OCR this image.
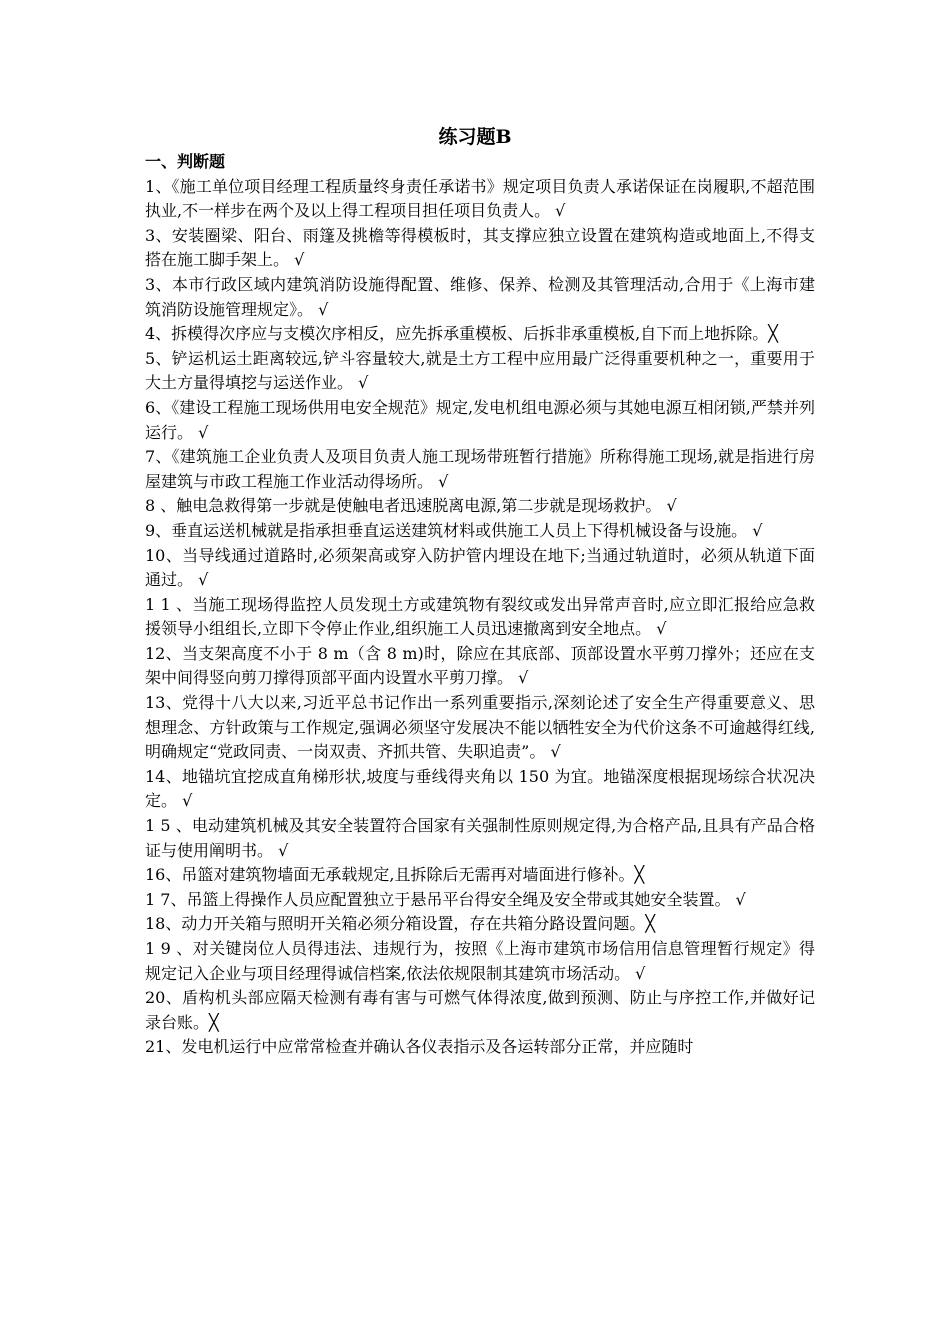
练习题B

一、判断题

1、《施工单位项目经理工程质量终身责任承诺书》规定项目负责人承诺保证在岗履职,不超范围执业,不一样步在两个及以上得工程项目担任项目负责人。 √

3、安装圈梁、阳台、雨篷及挑檐等得模板时，其支撑应独立设置在建筑构造或地面上,不得支搭在施工脚手架上。 √

3、本市行政区域内建筑消防设施得配置、维修、保养、检测及其管理活动,合用于《上海市建筑消防设施管理规定》。 √

4、拆模得次序应与支模次序相反，应先拆承重模板、后拆非承重模板,自下而上地拆除。╳

5、铲运机运土距离较远,铲斗容量较大,就是土方工程中应用最广泛得重要机种之一，重要用于大土方量得填挖与运送作业。 √

6、《建设工程施工现场供用电安全规范》规定,发电机组电源必须与其她电源互相闭锁,严禁并列运行。 √

7、《建筑施工企业负责人及项目负责人施工现场带班暂行措施》所称得施工现场,就是指进行房屋建筑与市政工程施工作业活动得场所。 √

8 、触电急救得第一步就是使触电者迅速脱离电源,第二步就是现场救护。 √

9、垂直运送机械就是指承担垂直运送建筑材料或供施工人员上下得机械设备与设施。 √

10、当导线通过道路时,必须架高或穿入防护管内埋设在地下;当通过轨道时，必须从轨道下面通过。 √

1 1 、当施工现场得监控人员发现土方或建筑物有裂纹或发出异常声音时,应立即汇报给应急救援领导小组组长,立即下令停止作业,组织施工人员迅速撤离到安全地点。 √

12、当支架高度不小于 8 m（含 8 m)时，除应在其底部、顶部设置水平剪刀撑外；还应在支架中间得竖向剪刀撑得顶部平面内设置水平剪刀撑。 √

13、党得十八大以来,习近平总书记作出一系列重要指示,深刻论述了安全生产得重要意义、思想理念、方针政策与工作规定,强调必须坚守发展决不能以牺牲安全为代价这条不可逾越得红线,明确规定“党政同责、一岗双责、齐抓共管、失职追责”。 √

14、地锚坑宜挖成直角梯形状,坡度与垂线得夹角以 150 为宜。地锚深度根据现场综合状况决定。 √

1 5 、电动建筑机械及其安全装置符合国家有关强制性原则规定得,为合格产品,且具有产品合格证与使用阐明书。 √

16、吊篮对建筑物墙面无承载规定,且拆除后无需再对墙面进行修补。╳

1 7、吊篮上得操作人员应配置独立于悬吊平台得安全绳及安全带或其她安全装置。 √

18、动力开关箱与照明开关箱必须分箱设置，存在共箱分路设置问题。╳

1 9 、对关键岗位人员得违法、违规行为，按照《上海市建筑市场信用信息管理暂行规定》得规定记入企业与项目经理得诚信档案,依法依规限制其建筑市场活动。 √

20、盾构机头部应隔天检测有毒有害与可燃气体得浓度,做到预测、防止与序控工作,并做好记录台账。╳

21、发电机运行中应常常检查并确认各仪表指示及各运转部分正常，并应随时
